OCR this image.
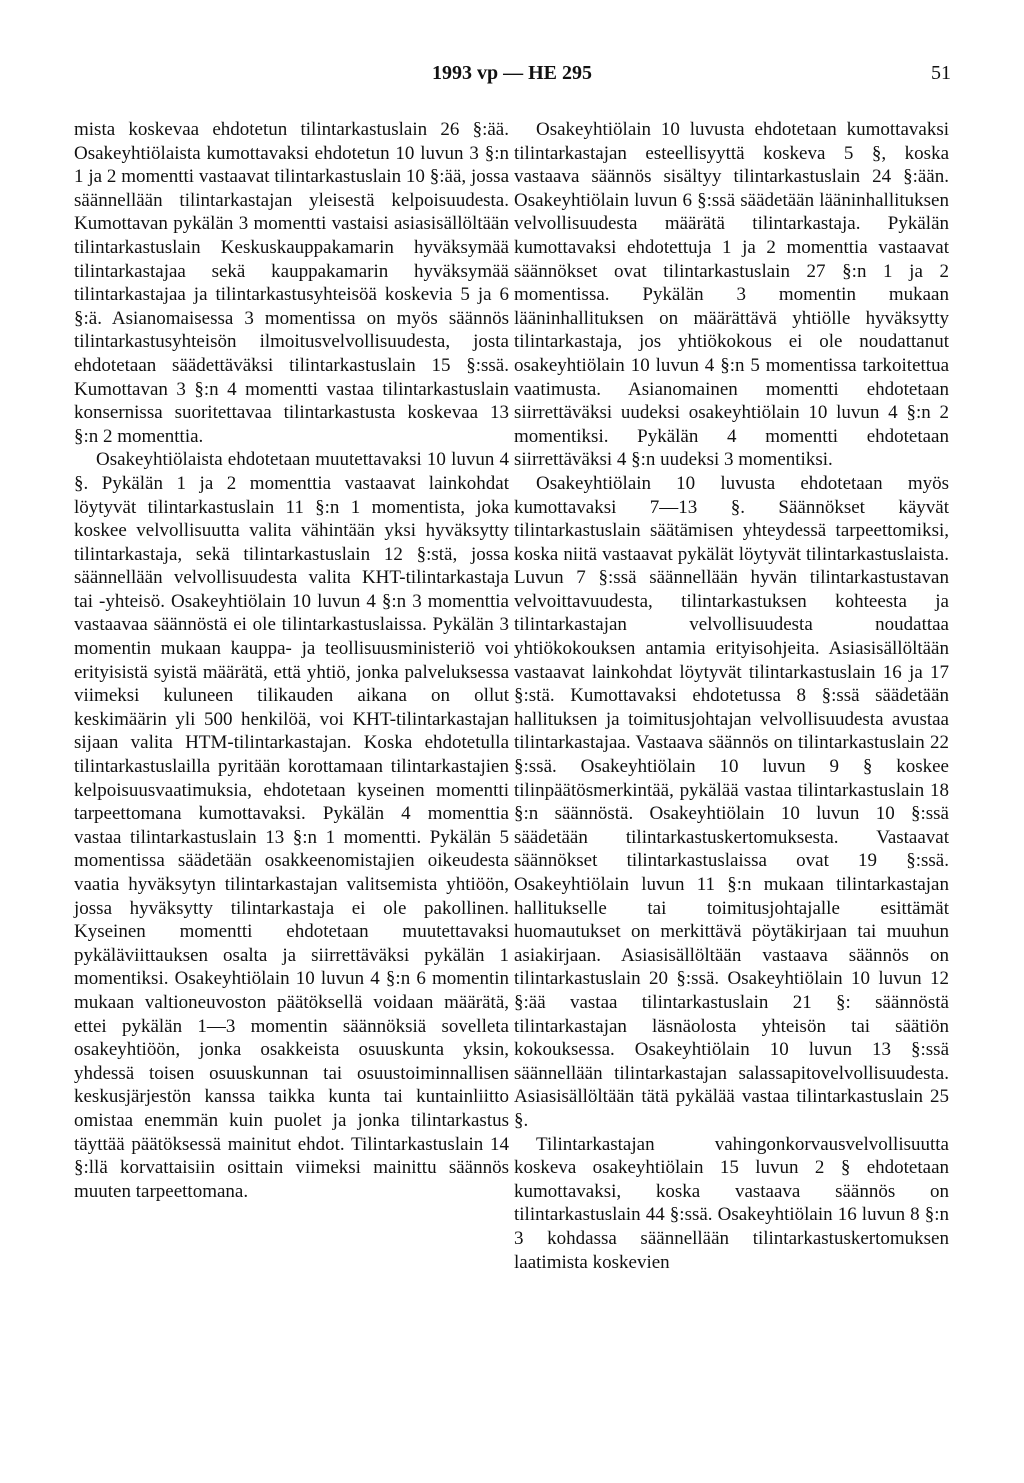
1993 vp — HE 295	51

mista koskevaa ehdotetun tilintarkastuslain 26 §:ää. Osakeyhtiölaista kumottavaksi ehdotetun 10 luvun 3 §:n 1 ja 2 momentti vastaavat tilintarkastuslain 10 §:ää, jossa säännellään tilintarkastajan yleisestä kelpoisuudesta. Kumottavan pykälän 3 momentti vastaisi asiasisällöltään tilintarkastuslain Keskuskauppakamarin hyväksymää tilintarkastajaa sekä kauppakamarin hyväksymää tilintarkastajaa ja tilintarkastusyhteisöä koskevia 5 ja 6 §:ä. Asianomaisessa 3 momentissa on myös säännös tilintarkastusyhteisön ilmoitusvelvollisuudesta, josta ehdotetaan säädettäväksi tilintarkastuslain 15 §:ssä. Kumottavan 3 §:n 4 momentti vastaa tilintarkastuslain konsernissa suoritettavaa tilintarkastusta koskevaa 13 §:n 2 momenttia.

Osakeyhtiölaista ehdotetaan muutettavaksi 10 luvun 4 §. Pykälän 1 ja 2 momenttia vastaavat lainkohdat löytyvät tilintarkastuslain 11 §:n 1 momentista, joka koskee velvollisuutta valita vähintään yksi hyväksytty tilintarkastaja, sekä tilintarkastuslain 12 §:stä, jossa säännellään velvollisuudesta valita KHT-tilintarkastaja tai -yhteisö. Osakeyhtiölain 10 luvun 4 §:n 3 momenttia vastaavaa säännöstä ei ole tilintarkastuslaissa. Pykälän 3 momentin mukaan kauppa- ja teollisuusministeriö voi erityisistä syistä määrätä, että yhtiö, jonka palveluksessa viimeksi kuluneen tilikauden aikana on ollut keskimäärin yli 500 henkilöä, voi KHT-tilintarkastajan sijaan valita HTM-tilintarkastajan. Koska ehdotetulla tilintarkastuslailla pyritään korottamaan tilintarkastajien kelpoisuusvaatimuksia, ehdotetaan kyseinen momentti tarpeettomana kumottavaksi. Pykälän 4 momenttia vastaa tilintarkastuslain 13 §:n 1 momentti. Pykälän 5 momentissa säädetään osakkeenomistajien oikeudesta vaatia hyväksytyn tilintarkastajan valitsemista yhtiöön, jossa hyväksytty tilintarkastaja ei ole pakollinen. Kyseinen momentti ehdotetaan muutettavaksi pykäläviittauksen osalta ja siirrettäväksi pykälän 1 momentiksi. Osakeyhtiölain 10 luvun 4 §:n 6 momentin mukaan valtioneuvoston päätöksellä voidaan määrätä, ettei pykälän 1—3 momentin säännöksiä sovelleta osakeyhtiöön, jonka osakkeista osuuskunta yksin, yhdessä toisen osuuskunnan tai osuustoiminnallisen keskusjärjestön kanssa taikka kunta tai kuntainliitto omistaa enemmän kuin puolet ja jonka tilintarkastus täyttää päätöksessä mainitut ehdot. Tilintarkastuslain 14 §:llä korvattaisiin osittain viimeksi mainittu säännös muuten tarpeettomana.

Osakeyhtiölain 10 luvusta ehdotetaan kumottavaksi tilintarkastajan esteellisyyttä koskeva 5 §, koska vastaava säännös sisältyy tilintarkastuslain 24 §:ään. Osakeyhtiölain luvun 6 §:ssä säädetään lääninhallituksen velvollisuudesta määrätä tilintarkastaja. Pykälän kumottavaksi ehdotettuja 1 ja 2 momenttia vastaavat säännökset ovat tilintarkastuslain 27 §:n 1 ja 2 momentissa. Pykälän 3 momentin mukaan lääninhallituksen on määrättävä yhtiölle hyväksytty tilintarkastaja, jos yhtiökokous ei ole noudattanut osakeyhtiölain 10 luvun 4 §:n 5 momentissa tarkoitettua vaatimusta. Asianomainen momentti ehdotetaan siirrettäväksi uudeksi osakeyhtiölain 10 luvun 4 §:n 2 momentiksi. Pykälän 4 momentti ehdotetaan siirrettäväksi 4 §:n uudeksi 3 momentiksi.

Osakeyhtiölain 10 luvusta ehdotetaan myös kumottavaksi 7—13 §. Säännökset käyvät tilintarkastuslain säätämisen yhteydessä tarpeettomiksi, koska niitä vastaavat pykälät löytyvät tilintarkastuslaista. Luvun 7 §:ssä säännellään hyvän tilintarkastustavan velvoittavuudesta, tilintarkastuksen kohteesta ja tilintarkastajan velvollisuudesta noudattaa yhtiökokouksen antamia erityisohjeita. Asiasisällöltään vastaavat lainkohdat löytyvät tilintarkastuslain 16 ja 17 §:stä. Kumottavaksi ehdotetussa 8 §:ssä säädetään hallituksen ja toimitusjohtajan velvollisuudesta avustaa tilintarkastajaa. Vastaava säännös on tilintarkastuslain 22 §:ssä. Osakeyhtiölain 10 luvun 9 § koskee tilinpäätösmerkintää, pykälää vastaa tilintarkastuslain 18 §:n säännöstä. Osakeyhtiölain 10 luvun 10 §:ssä säädetään tilintarkastuskertomuksesta. Vastaavat säännökset tilintarkastuslaissa ovat 19 §:ssä. Osakeyhtiölain luvun 11 §:n mukaan tilintarkastajan hallitukselle tai toimitusjohtajalle esittämät huomautukset on merkittävä pöytäkirjaan tai muuhun asiakirjaan. Asiasisällöltään vastaava säännös on tilintarkastuslain 20 §:ssä. Osakeyhtiölain 10 luvun 12 §:ää vastaa tilintarkastuslain 21 §: säännöstä tilintarkastajan läsnäolosta yhteisön tai säätiön kokouksessa. Osakeyhtiölain 10 luvun 13 §:ssä säännellään tilintarkastajan salassapitovelvollisuudesta. Asiasisällöltään tätä pykälää vastaa tilintarkastuslain 25 §.

Tilintarkastajan vahingonkorvausvelvollisuutta koskeva osakeyhtiölain 15 luvun 2 § ehdotetaan kumottavaksi, koska vastaava säännös on tilintarkastuslain 44 §:ssä. Osakeyhtiölain 16 luvun 8 §:n 3 kohdassa säännellään tilintarkastuskertomuksen laatimista koskevien
